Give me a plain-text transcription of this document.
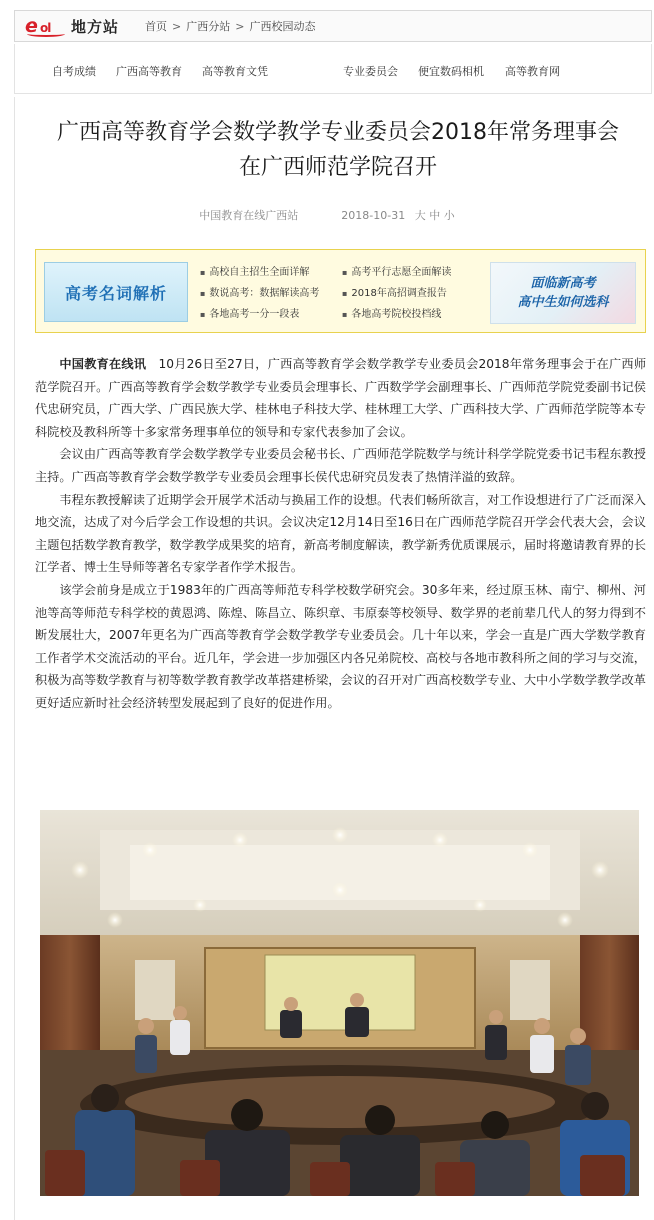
e ol 地方站 首页 > 广西分站 > 广西校园动态
自考成绩 广西高等教育 高等教育文凭	专业委员会 便宜数码相机 高等教育网
广西高等教育学会数学教学专业委员会2018年常务理事会
在广西师范学院召开
中国教育在线广西站	2018-10-31 大 中 小
高考名词解析
▪ 高校自主招生全面详解
▪ 数说高考：数据解读高考
▪ 各地高考一分一段表
▪ 高考平行志愿全面解读
▪ 2018年高招调查报告
▪ 各地高考院校投档线
面临新高考
高中生如何选科

中国教育在线讯 10月26日至27日，广西高等教育学会数学教学专业委员会2018年常务理事会于在广西师范学院召开。广西高等教育学会数学教学专业委员会理事长、广西数学学会副理事长、广西师范学院党委副书记侯代忠研究员，广西大学、广西民族大学、桂林电子科技大学、桂林理工大学、广西科技大学、广西师范学院等本专科院校及教科所等十多家常务理事单位的领导和专家代表参加了会议。

会议由广西高等教育学会数学教学专业委员会秘书长、广西师范学院数学与统计科学学院党委书记韦程东教授主持。广西高等教育学会数学教学专业委员会理事长侯代忠研究员发表了热情洋溢的致辞。

韦程东教授解读了近期学会开展学术活动与换届工作的设想。代表们畅所欲言，对工作设想进行了广泛而深入地交流，达成了对今后学会工作设想的共识。会议决定12月14日至16日在广西师范学院召开学会代表大会，会议主题包括数学教育教学，数学教学成果奖的培育，新高考制度解读，教学新秀优质课展示，届时将邀请教育界的长江学者、博士生导师等著名专家学者作学术报告。

该学会前身是成立于1983年的广西高等师范专科学校数学研究会。30多年来，经过原玉林、南宁、柳州、河池等高等师范专科学校的黄恩鸿、陈煌、陈昌立、陈织章、韦原泰等校领导、数学界的老前辈几代人的努力得到不断发展壮大，2007年更名为广西高等教育学会数学教学专业委员会。几十年以来，学会一直是广西大学数学教育工作者学术交流活动的平台。近几年，学会进一步加强区内各兄弟院校、高校与各地市教科所之间的学习与交流，积极为高等数学教育与初等数学教育教学改革搭建桥梁，会议的召开对广西高校数学专业、大中小学数学教学改革更好适应新时社会经济转型发展起到了良好的促进作用。
